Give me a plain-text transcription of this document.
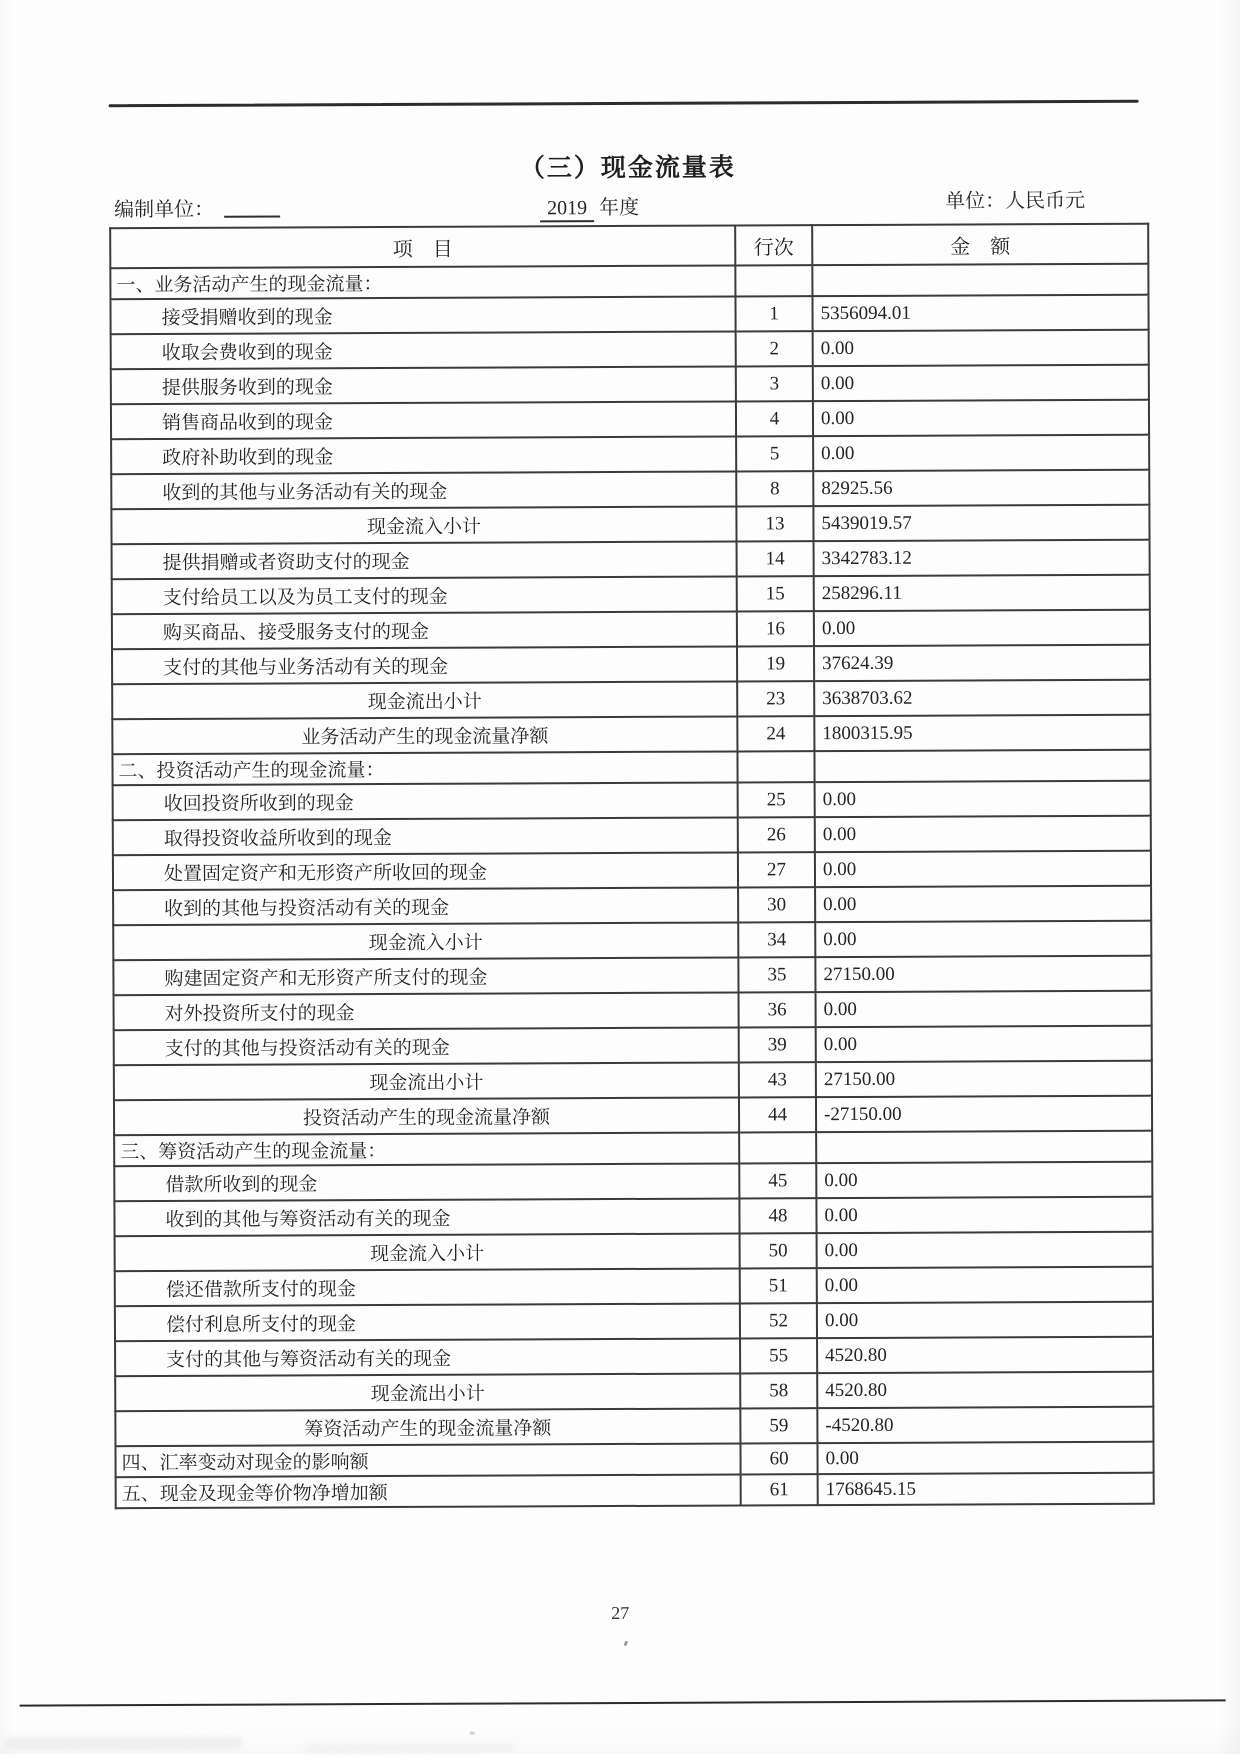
（三）现金流量表
编制单位：	2019 年度	单位：人民币元
项　目	行次	金　额
一、业务活动产生的现金流量：		
接受捐赠收到的现金	1	5356094.01
收取会费收到的现金	2	0.00
提供服务收到的现金	3	0.00
销售商品收到的现金	4	0.00
政府补助收到的现金	5	0.00
收到的其他与业务活动有关的现金	8	82925.56
现金流入小计	13	5439019.57
提供捐赠或者资助支付的现金	14	3342783.12
支付给员工以及为员工支付的现金	15	258296.11
购买商品、接受服务支付的现金	16	0.00
支付的其他与业务活动有关的现金	19	37624.39
现金流出小计	23	3638703.62
业务活动产生的现金流量净额	24	1800315.95
二、投资活动产生的现金流量：		
收回投资所收到的现金	25	0.00
取得投资收益所收到的现金	26	0.00
处置固定资产和无形资产所收回的现金	27	0.00
收到的其他与投资活动有关的现金	30	0.00
现金流入小计	34	0.00
购建固定资产和无形资产所支付的现金	35	27150.00
对外投资所支付的现金	36	0.00
支付的其他与投资活动有关的现金	39	0.00
现金流出小计	43	27150.00
投资活动产生的现金流量净额	44	-27150.00
三、筹资活动产生的现金流量：		
借款所收到的现金	45	0.00
收到的其他与筹资活动有关的现金	48	0.00
现金流入小计	50	0.00
偿还借款所支付的现金	51	0.00
偿付利息所支付的现金	52	0.00
支付的其他与筹资活动有关的现金	55	4520.80
现金流出小计	58	4520.80
筹资活动产生的现金流量净额	59	-4520.80
四、汇率变动对现金的影响额	60	0.00
五、现金及现金等价物净增加额	61	1768645.15
27
